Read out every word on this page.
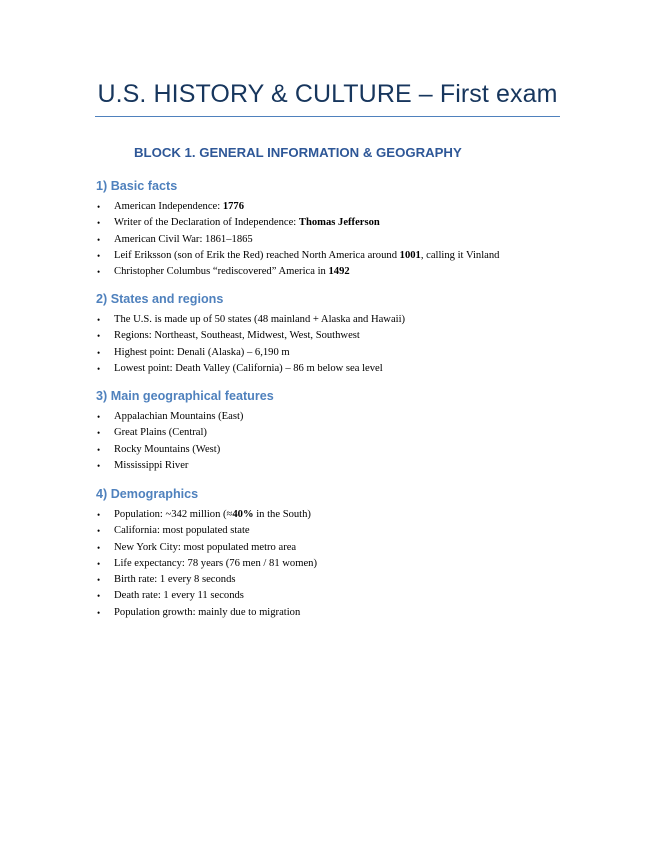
U.S. HISTORY & CULTURE – First exam
BLOCK 1. GENERAL INFORMATION & GEOGRAPHY
1) Basic facts
• American Independence: 1776
• Writer of the Declaration of Independence: Thomas Jefferson
• American Civil War: 1861–1865
• Leif Eriksson (son of Erik the Red) reached North America around 1001, calling it Vinland
• Christopher Columbus “rediscovered” America in 1492
2) States and regions
• The U.S. is made up of 50 states (48 mainland + Alaska and Hawaii)
• Regions: Northeast, Southeast, Midwest, West, Southwest
• Highest point: Denali (Alaska) – 6,190 m
• Lowest point: Death Valley (California) – 86 m below sea level
3) Main geographical features
• Appalachian Mountains (East)
• Great Plains (Central)
• Rocky Mountains (West)
• Mississippi River
4) Demographics
• Population: ~342 million (≈40% in the South)
• California: most populated state
• New York City: most populated metro area
• Life expectancy: 78 years (76 men / 81 women)
• Birth rate: 1 every 8 seconds
• Death rate: 1 every 11 seconds
• Population growth: mainly due to migration
